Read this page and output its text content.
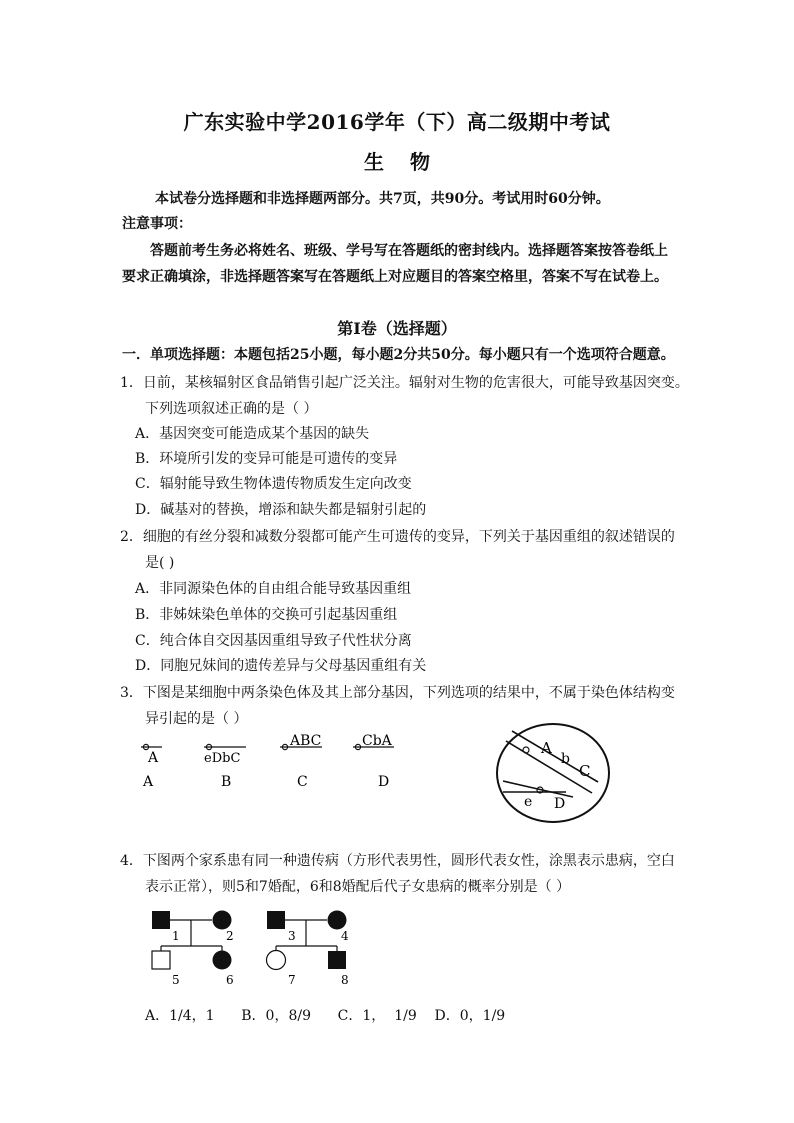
广东实验中学2016学年（下）高二级期中考试
生物
本试卷分选择题和非选择题两部分。共7页，共90分。考试用时60分钟。
注意事项：
答题前考生务必将姓名、班级、学号写在答题纸的密封线内。选择题答案按答卷纸上
要求正确填涂，非选择题答案写在答题纸上对应题目的答案空格里，答案不写在试卷上。
第I卷（选择题）
一．单项选择题：本题包括25小题，每小题2分共50分。每小题只有一个选项符合题意。
1．日前，某核辐射区食品销售引起广泛关注。辐射对生物的危害很大，可能导致基因突变。
下列选项叙述正确的是（ ）
A．基因突变可能造成某个基因的缺失
B．环境所引发的变异可能是可遗传的变异
C．辐射能导致生物体遗传物质发生定向改变
D．碱基对的替换，增添和缺失都是辐射引起的
2．细胞的有丝分裂和减数分裂都可能产生可遗传的变异，下列关于基因重组的叙述错误的
是( )
A．非同源染色体的自由组合能导致基因重组
B．非姊妹染色单体的交换可引起基因重组
C．纯合体自交因基因重组导致子代性状分离
D．同胞兄妹间的遗传差异与父母基因重组有关
3．下图是某细胞中两条染色体及其上部分基因，下列选项的结果中，不属于染色体结构变
异引起的是（ ）
A
A
eDbC
B
ABC
C
CbA
D
A
b
C
e D
4．下图两个家系患有同一种遗传病（方形代表男性，圆形代表女性，涂黑表示患病，空白
表示正常），则5和7婚配，6和8婚配后代子女患病的概率分别是（ ）
1	2
5	6
3	4
7	8
A．1/4，1      B．0，8/9      C．1，  1/9    D．0，1/9
